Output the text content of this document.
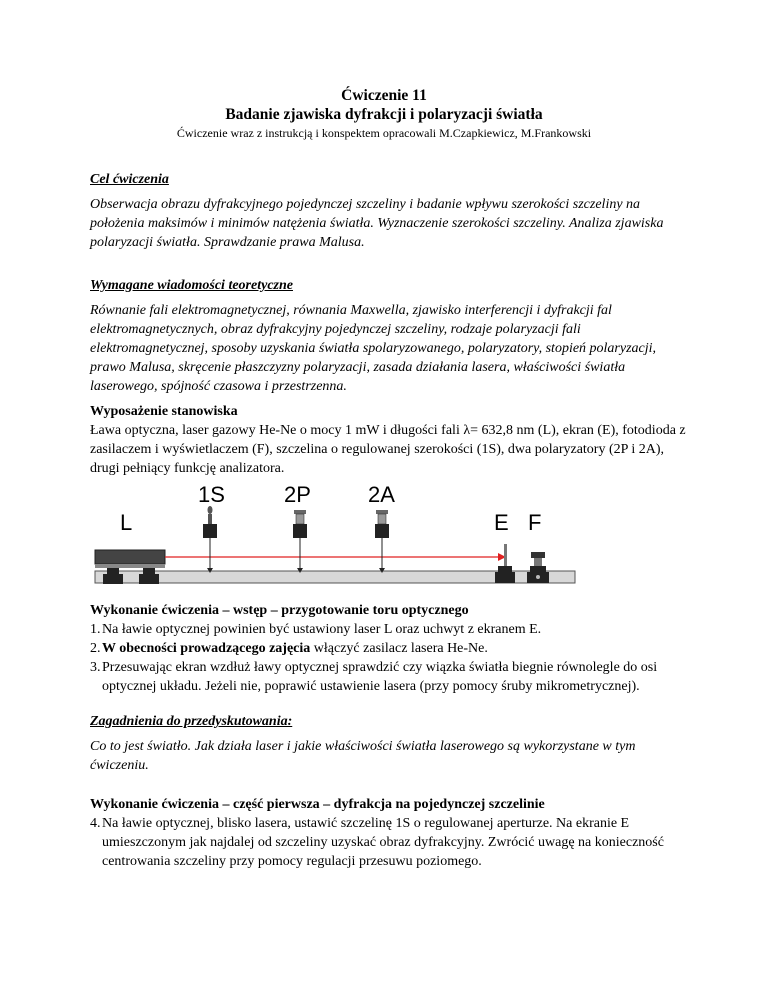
Ćwiczenie 11
Badanie zjawiska dyfrakcji i polaryzacji światła
Ćwiczenie wraz z instrukcją i konspektem opracowali M.Czapkiewicz, M.Frankowski

Cel ćwiczenia

Obserwacja obrazu dyfrakcyjnego pojedynczej szczeliny i badanie wpływu szerokości szczeliny na położenia maksimów i minimów natężenia światła. Wyznaczenie szerokości szczeliny. Analiza zjawiska polaryzacji światła. Sprawdzanie prawa Malusa.

Wymagane wiadomości teoretyczne

Równanie fali elektromagnetycznej, równania Maxwella, zjawisko interferencji i dyfrakcji fal elektromagnetycznych, obraz dyfrakcyjny pojedynczej szczeliny, rodzaje polaryzacji fali elektromagnetycznej, sposoby uzyskania światła spolaryzowanego, polaryzatory, stopień polaryzacji, prawo Malusa, skręcenie płaszczyzny polaryzacji, zasada działania lasera, właściwości światła laserowego, spójność czasowa i przestrzenna.

Wyposażenie stanowiska

Ława optyczna, laser gazowy He-Ne o mocy 1 mW i długości fali λ= 632,8 nm (L), ekran (E), fotodioda z zasilaczem i wyświetlaczem (F), szczelina o regulowanej szerokości (1S), dwa polaryzatory (2P i 2A), drugi pełniący funkcję analizatora.

L
1S	2P	2A
E F

Wykonanie ćwiczenia – wstęp – przygotowanie toru optycznego

1. Na ławie optycznej powinien być ustawiony laser L oraz uchwyt z ekranem E.
2. W obecności prowadzącego zajęcia włączyć zasilacz lasera He-Ne.
3. Przesuwając ekran wzdłuż ławy optycznej sprawdzić czy wiązka światła biegnie równolegle do osi optycznej układu. Jeżeli nie, poprawić ustawienie lasera (przy pomocy śruby mikrometrycznej).

Zagadnienia do przedyskutowania:

Co to jest światło. Jak działa laser i jakie właściwości światła laserowego są wykorzystane w tym ćwiczeniu.

Wykonanie ćwiczenia – część pierwsza – dyfrakcja na pojedynczej szczelinie

4. Na ławie optycznej, blisko lasera, ustawić szczelinę 1S o regulowanej aperturze. Na ekranie E umieszczonym jak najdalej od szczeliny uzyskać obraz dyfrakcyjny. Zwrócić uwagę na konieczność centrowania szczeliny przy pomocy regulacji przesuwu poziomego.
